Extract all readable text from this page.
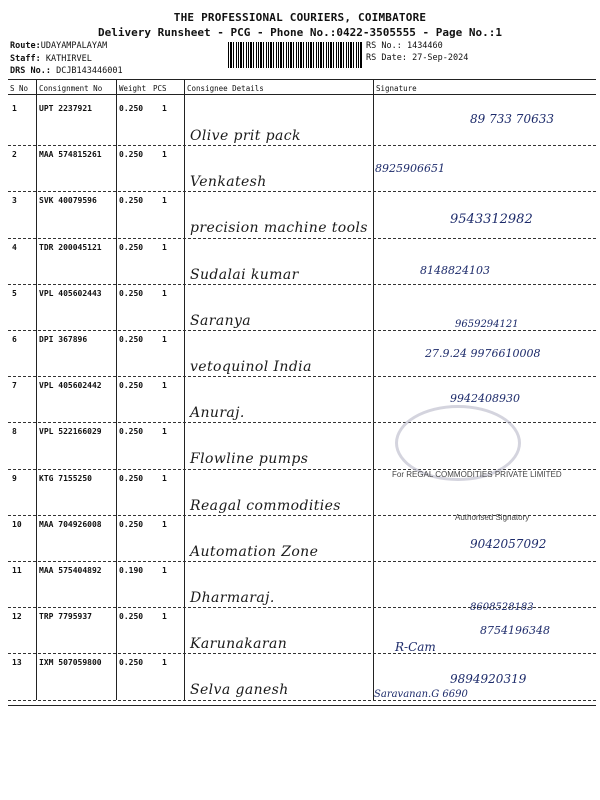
THE PROFESSIONAL COURIERS, COIMBATORE
Delivery Runsheet - PCG - Phone No.:0422-3505555 - Page No.:1
Route:UDAYAMPALAYAM
Staff: KATHIRVEL
DRS No.: DCJB143446001
RS No.: 1434460
RS Date: 27-Sep-2024
S No Consignment No Weight PCS	Consignee Details	Signature
1	UPT 2237921	0.250 1
Olive prit pack
89 733 70633
2	MAA 574815261 0.250 1
Venkatesh
8925906651
3	SVK 40079596	0.250 1
precision machine tools
9543312982
4	TDR 200045121 0.250 1
Sudalai kumar	8148824103
5	VPL 405602443 0.250 1
Saranya	9659294121
6	DPI 367896	0.250 1
vetoquinol India
27.9.24 9976610008
7	VPL 405602442 0.250 1
Anuraj.
9942408930
8	VPL 522166029 0.250 1
Flowline pumps
9	KTG 7155250	0.250 1
Reagal commodities
10 MAA 704926008 0.250 1
Automation Zone	9042057092
11 MAA 575404892 0.190 1
Dharmaraj.
8608528183
12 TRP 7795937	0.250 1
Karunakaran
8754196348
13 IXM 507059800 0.250 1
Selva ganesh
9894920319
For REGAL COMMODITIES PRIVATE LIMITED
Authorised Signatory
R-Cam
Saravanan.G 6690
